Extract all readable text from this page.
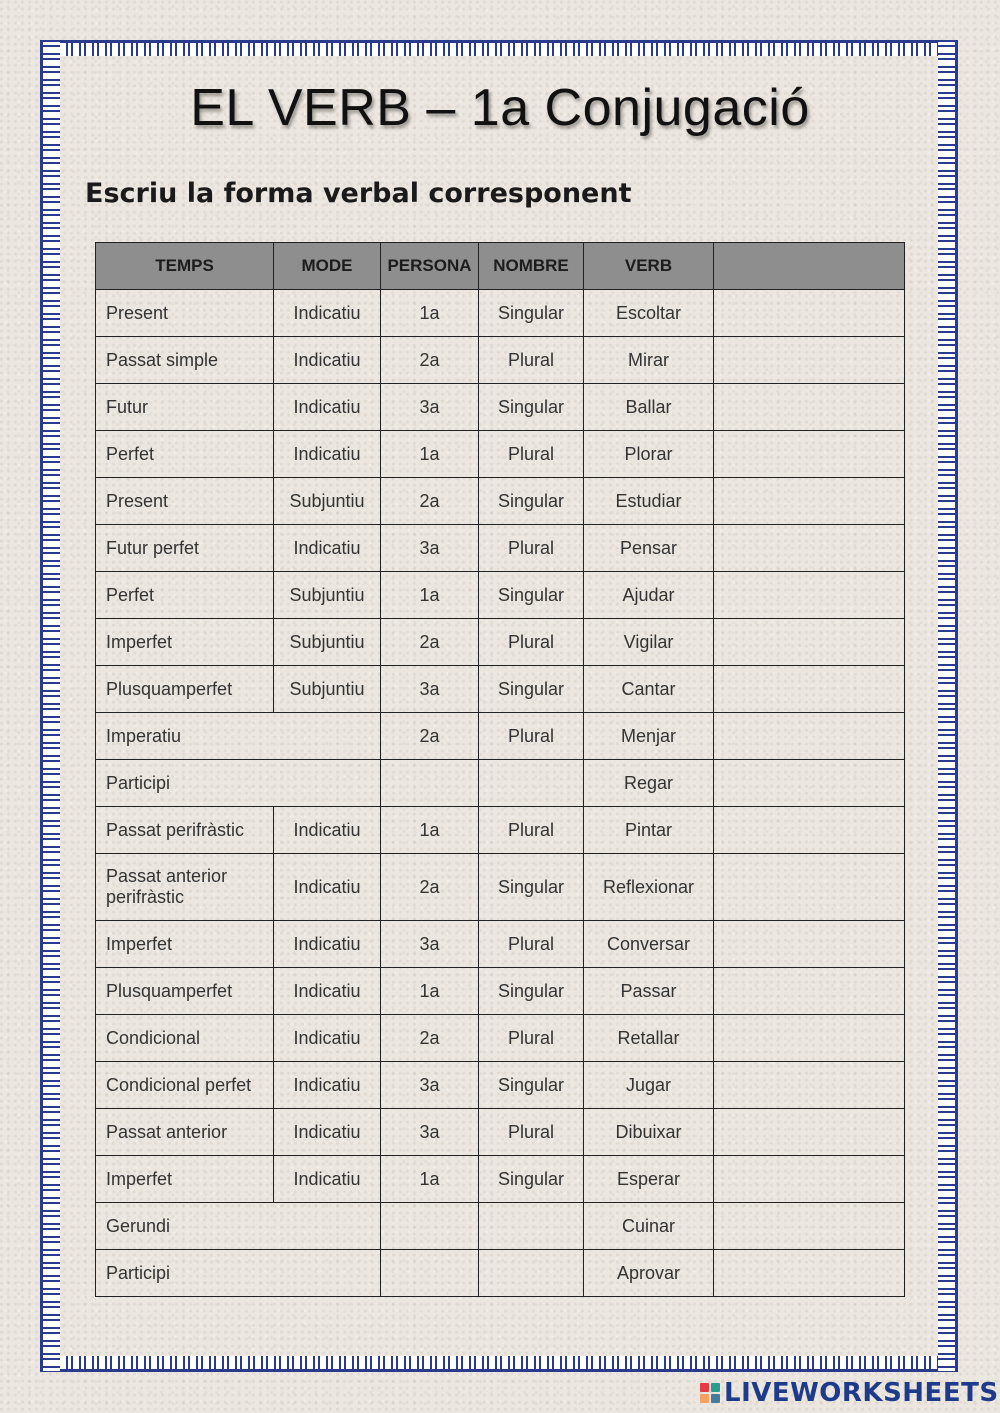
EL VERB – 1a Conjugació
Escriu la forma verbal corresponent
TEMPS	MODE	PERSONA	NOMBRE	VERB	
Present	Indicatiu	1a	Singular	Escoltar	
Passat simple	Indicatiu	2a	Plural	Mirar	
Futur	Indicatiu	3a	Singular	Ballar	
Perfet	Indicatiu	1a	Plural	Plorar	
Present	Subjuntiu	2a	Singular	Estudiar	
Futur perfet	Indicatiu	3a	Plural	Pensar	
Perfet	Subjuntiu	1a	Singular	Ajudar	
Imperfet	Subjuntiu	2a	Plural	Vigilar	
Plusquamperfet	Subjuntiu	3a	Singular	Cantar	
Imperatiu		2a	Plural	Menjar	
Participi				Regar	
Passat perifràstic	Indicatiu	1a	Plural	Pintar	
Passat anterior perifràstic	Indicatiu	2a	Singular	Reflexionar	
Imperfet	Indicatiu	3a	Plural	Conversar	
Plusquamperfet	Indicatiu	1a	Singular	Passar	
Condicional	Indicatiu	2a	Plural	Retallar	
Condicional perfet	Indicatiu	3a	Singular	Jugar	
Passat anterior	Indicatiu	3a	Plural	Dibuixar	
Imperfet	Indicatiu	1a	Singular	Esperar	
Gerundi				Cuinar	
Participi				Aprovar	
LIVEWORKSHEETS
